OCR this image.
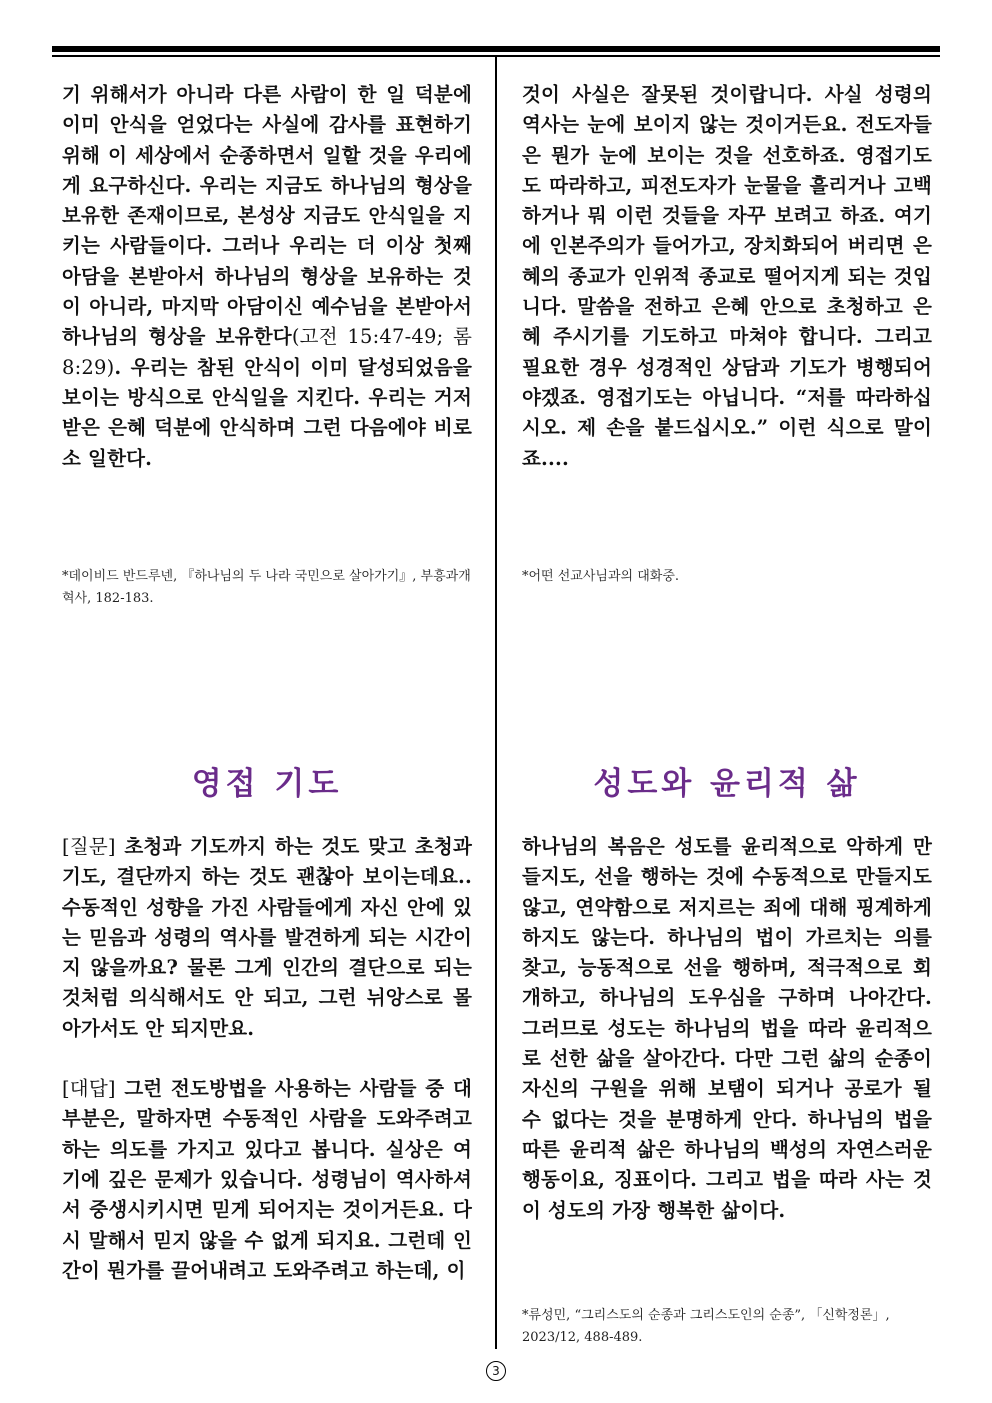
기 위해서가 아니라 다른 사람이 한 일 덕분에 이미 안식을 얻었다는 사실에 감사를 표현하기 위해 이 세상에서 순종하면서 일할 것을 우리에게 요구하신다. 우리는 지금도 하나님의 형상을 보유한 존재이므로, 본성상 지금도 안식일을 지키는 사람들이다. 그러나 우리는 더 이상 첫째 아담을 본받아서 하나님의 형상을 보유하는 것이 아니라, 마지막 아담이신 예수님을 본받아서 하나님의 형상을 보유한다(고전 15:47-49; 롬 8:29). 우리는 참된 안식이 이미 달성되었음을 보이는 방식으로 안식일을 지킨다. 우리는 거저 받은 은혜 덕분에 안식하며 그런 다음에야 비로소 일한다.

*데이비드 반드루넨, 『하나님의 두 나라 국민으로 살아가기』, 부흥과개혁사, 182-183.

것이 사실은 잘못된 것이랍니다. 사실 성령의 역사는 눈에 보이지 않는 것이거든요. 전도자들은 뭔가 눈에 보이는 것을 선호하죠. 영접기도도 따라하고, 피전도자가 눈물을 흘리거나 고백하거나 뭐 이런 것들을 자꾸 보려고 하죠. 여기에 인본주의가 들어가고, 장치화되어 버리면 은혜의 종교가 인위적 종교로 떨어지게 되는 것입니다. 말씀을 전하고 은혜 안으로 초청하고 은혜 주시기를 기도하고 마쳐야 합니다. 그리고 필요한 경우 성경적인 상담과 기도가 병행되어야겠죠. 영접기도는 아닙니다. “저를 따라하십시오. 제 손을 붙드십시오.” 이런 식으로 말이죠....

*어떤 선교사님과의 대화중.

영접 기도

[질문] 초청과 기도까지 하는 것도 맞고 초청과 기도, 결단까지 하는 것도 괜찮아 보이는데요.. 수동적인 성향을 가진 사람들에게 자신 안에 있는 믿음과 성령의 역사를 발견하게 되는 시간이지 않을까요? 물론 그게 인간의 결단으로 되는 것처럼 의식해서도 안 되고, 그런 뉘앙스로 몰아가서도 안 되지만요.

[대답] 그런 전도방법을 사용하는 사람들 중 대부분은, 말하자면 수동적인 사람을 도와주려고 하는 의도를 가지고 있다고 봅니다. 실상은 여기에 깊은 문제가 있습니다. 성령님이 역사하셔서 중생시키시면 믿게 되어지는 것이거든요. 다시 말해서 믿지 않을 수 없게 되지요. 그런데 인간이 뭔가를 끌어내려고 도와주려고 하는데, 이

성도와 윤리적 삶

하나님의 복음은 성도를 윤리적으로 악하게 만들지도, 선을 행하는 것에 수동적으로 만들지도 않고, 연약함으로 저지르는 죄에 대해 핑계하게 하지도 않는다. 하나님의 법이 가르치는 의를 찾고, 능동적으로 선을 행하며, 적극적으로 회개하고, 하나님의 도우심을 구하며 나아간다. 그러므로 성도는 하나님의 법을 따라 윤리적으로 선한 삶을 살아간다. 다만 그런 삶의 순종이 자신의 구원을 위해 보탬이 되거나 공로가 될 수 없다는 것을 분명하게 안다. 하나님의 법을 따른 윤리적 삶은 하나님의 백성의 자연스러운 행동이요, 징표이다. 그리고 법을 따라 사는 것이 성도의 가장 행복한 삶이다.

*류성민, “그리스도의 순종과 그리스도인의 순종”, 「신학정론」, 2023/12, 488-489.

3
